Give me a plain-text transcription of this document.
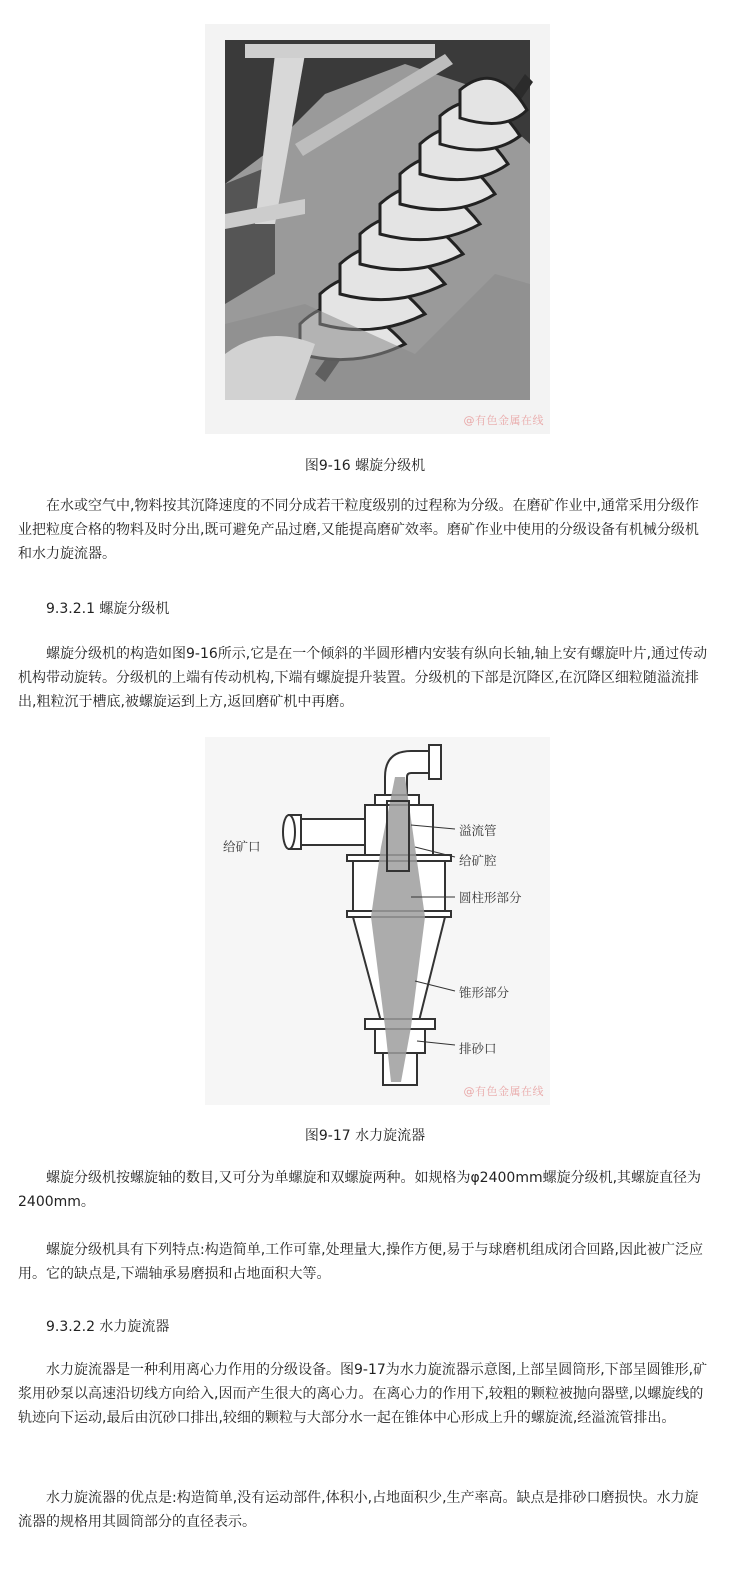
@有色金属在线
图9-16 螺旋分级机

在水或空气中,物料按其沉降速度的不同分成若干粒度级别的过程称为分级。在磨矿作业中,通常采用分级作业把粒度合格的物料及时分出,既可避免产品过磨,又能提高磨矿效率。磨矿作业中使用的分级设备有机械分级机和水力旋流器。

9.3.2.1 螺旋分级机

螺旋分级机的构造如图9-16所示,它是在一个倾斜的半圆形槽内安装有纵向长轴,轴上安有螺旋叶片,通过传动机构带动旋转。分级机的上端有传动机构,下端有螺旋提升装置。分级机的下部是沉降区,在沉降区细粒随溢流排出,粗粒沉于槽底,被螺旋运到上方,返回磨矿机中再磨。

给矿口
溢流管
给矿腔
圆柱形部分
锥形部分
排砂口
@有色金属在线
图9-17 水力旋流器

螺旋分级机按螺旋轴的数目,又可分为单螺旋和双螺旋两种。如规格为φ2400mm螺旋分级机,其螺旋直径为2400mm。

螺旋分级机具有下列特点:构造简单,工作可靠,处理量大,操作方便,易于与球磨机组成闭合回路,因此被广泛应用。它的缺点是,下端轴承易磨损和占地面积大等。

9.3.2.2 水力旋流器

水力旋流器是一种利用离心力作用的分级设备。图9-17为水力旋流器示意图,上部呈圆筒形,下部呈圆锥形,矿浆用砂泵以高速沿切线方向给入,因而产生很大的离心力。在离心力的作用下,较粗的颗粒被抛向器壁,以螺旋线的轨迹向下运动,最后由沉砂口排出,较细的颗粒与大部分水一起在锥体中心形成上升的螺旋流,经溢流管排出。

水力旋流器的优点是:构造简单,没有运动部件,体积小,占地面积少,生产率高。缺点是排砂口磨损快。水力旋流器的规格用其圆筒部分的直径表示。
